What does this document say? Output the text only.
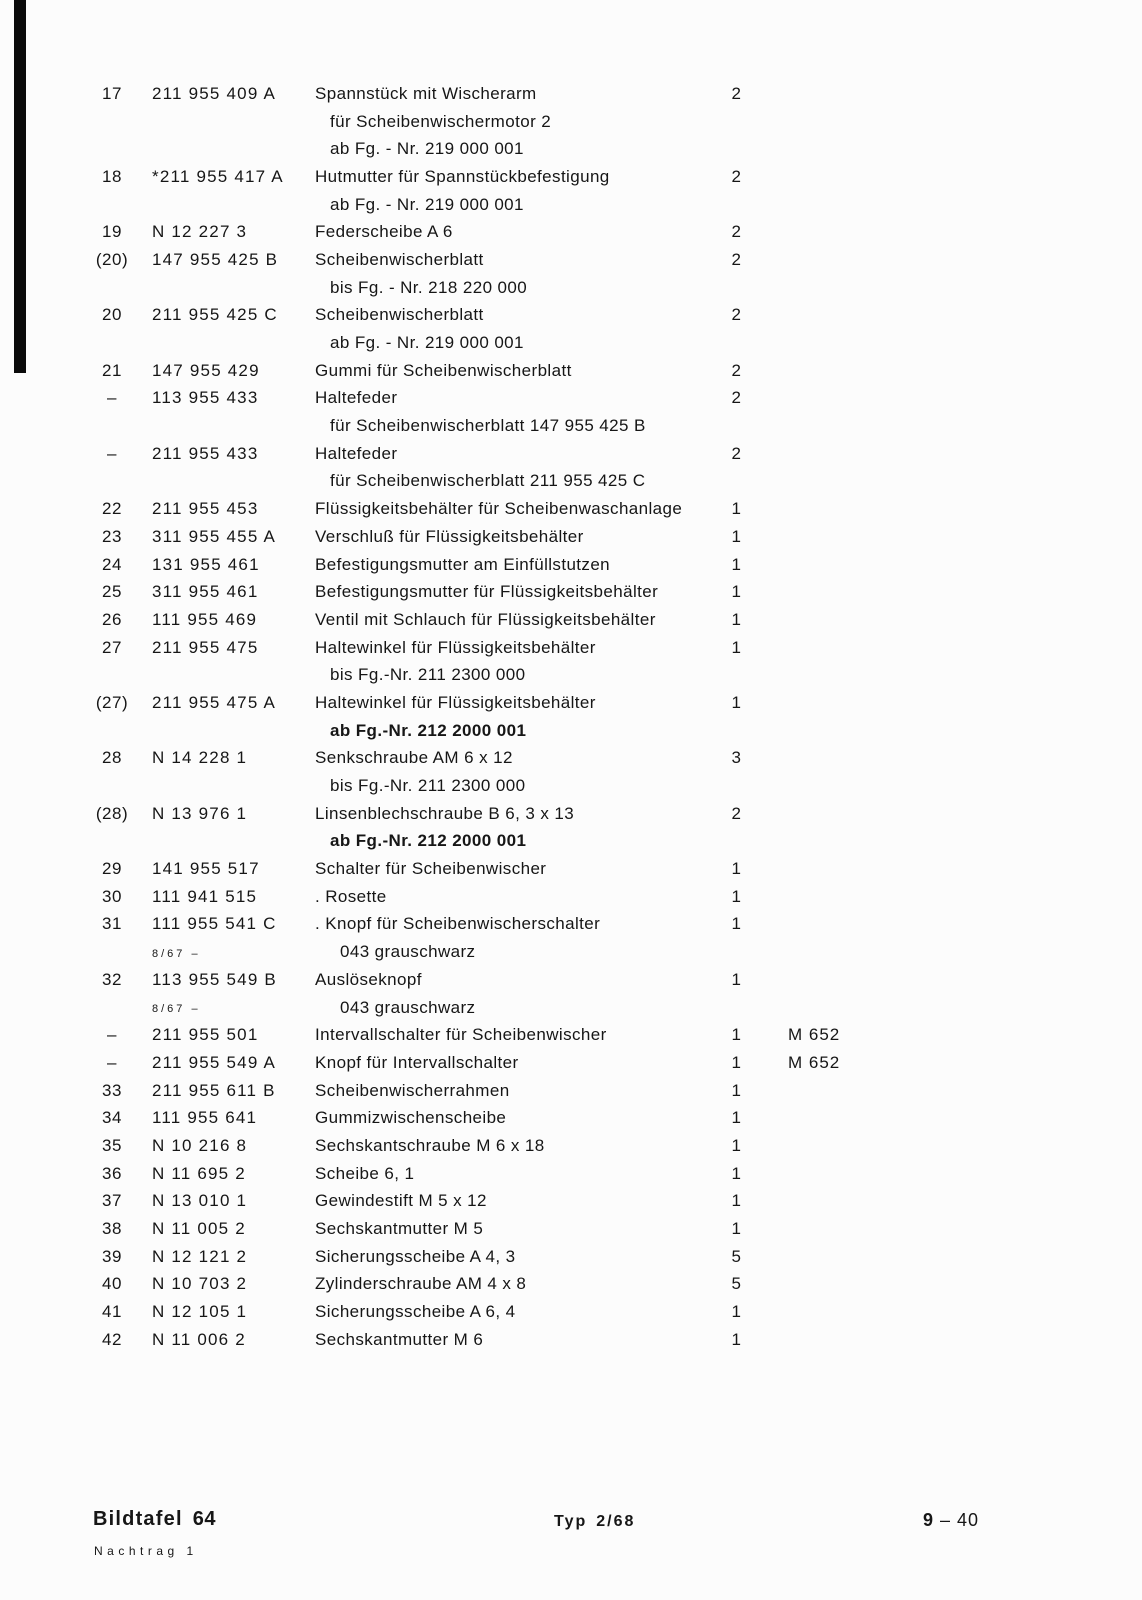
17	211 955 409 A	Spannstück mit Wischerarm	2
für Scheibenwischermotor 2
ab Fg. - Nr. 219 000 001
18	*211 955 417 A	Hutmutter für Spannstückbefestigung	2
ab Fg. - Nr. 219 000 001
19	N 12 227 3	Federscheibe A 6	2
(20)	147 955 425 B	Scheibenwischerblatt	2
bis Fg. - Nr. 218 220 000
20	211 955 425 C	Scheibenwischerblatt	2
ab Fg. - Nr. 219 000 001
21	147 955 429	Gummi für Scheibenwischerblatt	2
–	113 955 433	Haltefeder	2
für Scheibenwischerblatt 147 955 425 B
–	211 955 433	Haltefeder	2
für Scheibenwischerblatt 211 955 425 C
22	211 955 453	Flüssigkeitsbehälter für Scheibenwaschanlage	1
23	311 955 455 A	Verschluß für Flüssigkeitsbehälter	1
24	131 955 461	Befestigungsmutter am Einfüllstutzen	1
25	311 955 461	Befestigungsmutter für Flüssigkeitsbehälter	1
26	111 955 469	Ventil mit Schlauch für Flüssigkeitsbehälter	1
27	211 955 475	Haltewinkel für Flüssigkeitsbehälter	1
bis Fg.-Nr. 211 2300 000
(27)	211 955 475 A	Haltewinkel für Flüssigkeitsbehälter	1
ab Fg.-Nr. 212 2000 001
28	N 14 228 1	Senkschraube AM 6 x 12	3
bis Fg.-Nr. 211 2300 000
(28)	N 13 976 1	Linsenblechschraube B 6, 3 x 13	2
ab Fg.-Nr. 212 2000 001
29	141 955 517	Schalter für Scheibenwischer	1
30	111 941 515	. Rosette	1
31	111 955 541 C	. Knopf für Scheibenwischerschalter	1
8/67 –	043 grauschwarz
32	113 955 549 B	Auslöseknopf	1
8/67 –	043 grauschwarz
–	211 955 501	Intervallschalter für Scheibenwischer	1	M 652
–	211 955 549 A	Knopf für Intervallschalter	1	M 652
33	211 955 611 B	Scheibenwischerrahmen	1
34	111 955 641	Gummizwischenscheibe	1
35	N 10 216 8	Sechskantschraube M 6 x 18	1
36	N 11 695 2	Scheibe 6, 1	1
37	N 13 010 1	Gewindestift M 5 x 12	1
38	N 11 005 2	Sechskantmutter M 5	1
39	N 12 121 2	Sicherungsscheibe A 4, 3	5
40	N 10 703 2	Zylinderschraube AM 4 x 8	5
41	N 12 105 1	Sicherungsscheibe A 6, 4	1
42	N 11 006 2	Sechskantmutter M 6	1
Bildtafel 64
Nachtrag 1
Typ 2/68	9 – 40
